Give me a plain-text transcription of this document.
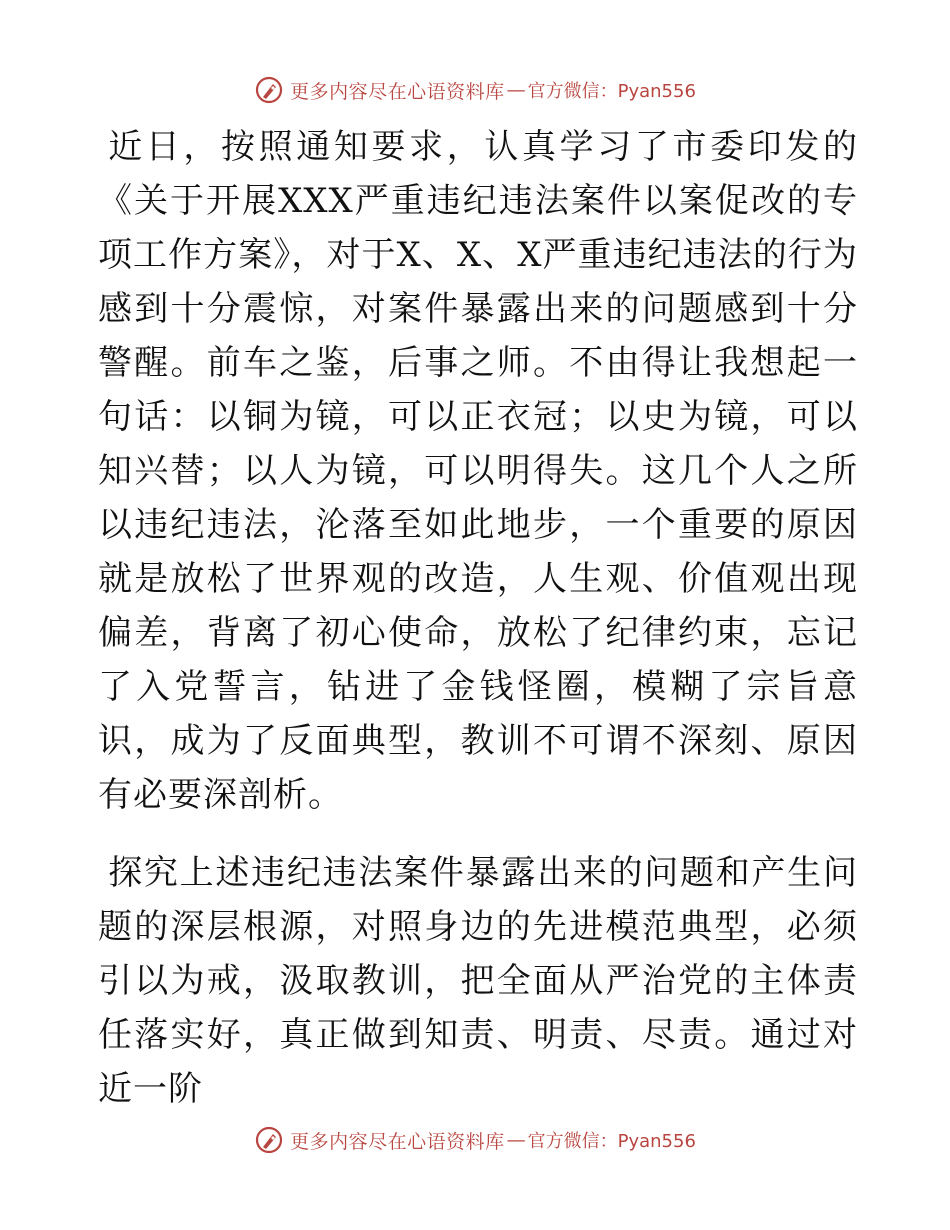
更多内容尽在心语资料库 — 官方微信：Pyan556

近日，按照通知要求，认真学习了市委印发的《关于开展XXX严重违纪违法案件以案促改的专项工作方案》，对于X、X、X严重违纪违法的行为感到十分震惊，对案件暴露出来的问题感到十分警醒。前车之鉴，后事之师。不由得让我想起一句话：以铜为镜，可以正衣冠；以史为镜，可以知兴替；以人为镜，可以明得失。这几个人之所以违纪违法，沦落至如此地步，一个重要的原因就是放松了世界观的改造，人生观、价值观出现偏差，背离了初心使命，放松了纪律约束，忘记了入党誓言，钻进了金钱怪圈，模糊了宗旨意识，成为了反面典型，教训不可谓不深刻、原因有必要深剖析。

探究上述违纪违法案件暴露出来的问题和产生问题的深层根源，对照身边的先进模范典型，必须引以为戒，汲取教训，把全面从严治党的主体责任落实好，真正做到知责、明责、尽责。通过对近一阶

更多内容尽在心语资料库 — 官方微信：Pyan556
